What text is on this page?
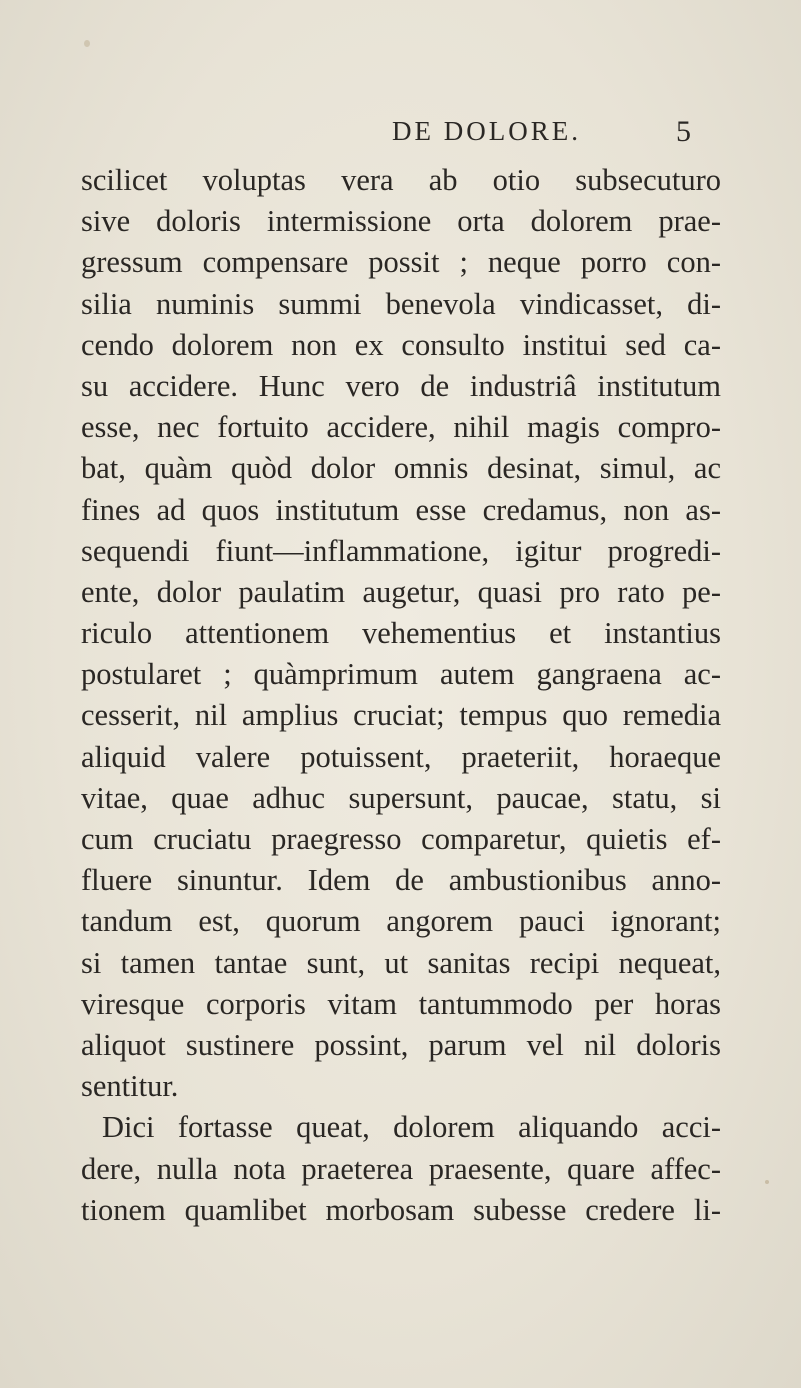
DE DOLORE.	5
scilicet voluptas vera ab otio subsecuturo
sive doloris intermissione orta dolorem prae-
gressum compensare possit ; neque porro con-
silia numinis summi benevola vindicasset, di-
cendo dolorem non ex consulto institui sed ca-
su accidere. Hunc vero de industriâ institutum
esse, nec fortuito accidere, nihil magis compro-
bat, quàm quòd dolor omnis desinat, simul, ac
fines ad quos institutum esse credamus, non as-
sequendi fiunt—inflammatione, igitur progredi-
ente, dolor paulatim augetur, quasi pro rato pe-
riculo attentionem vehementius et instantius
postularet ; quàmprimum autem gangraena ac-
cesserit, nil amplius cruciat; tempus quo remedia
aliquid valere potuissent, praeteriit, horaeque
vitae, quae adhuc supersunt, paucae, statu, si
cum cruciatu praegresso comparetur, quietis ef-
fluere sinuntur. Idem de ambustionibus anno-
tandum est, quorum angorem pauci ignorant;
si tamen tantae sunt, ut sanitas recipi nequeat,
viresque corporis vitam tantummodo per horas
aliquot sustinere possint, parum vel nil doloris
sentitur.
Dici fortasse queat, dolorem aliquando acci-
dere, nulla nota praeterea praesente, quare affec-
tionem quamlibet morbosam subesse credere li-
